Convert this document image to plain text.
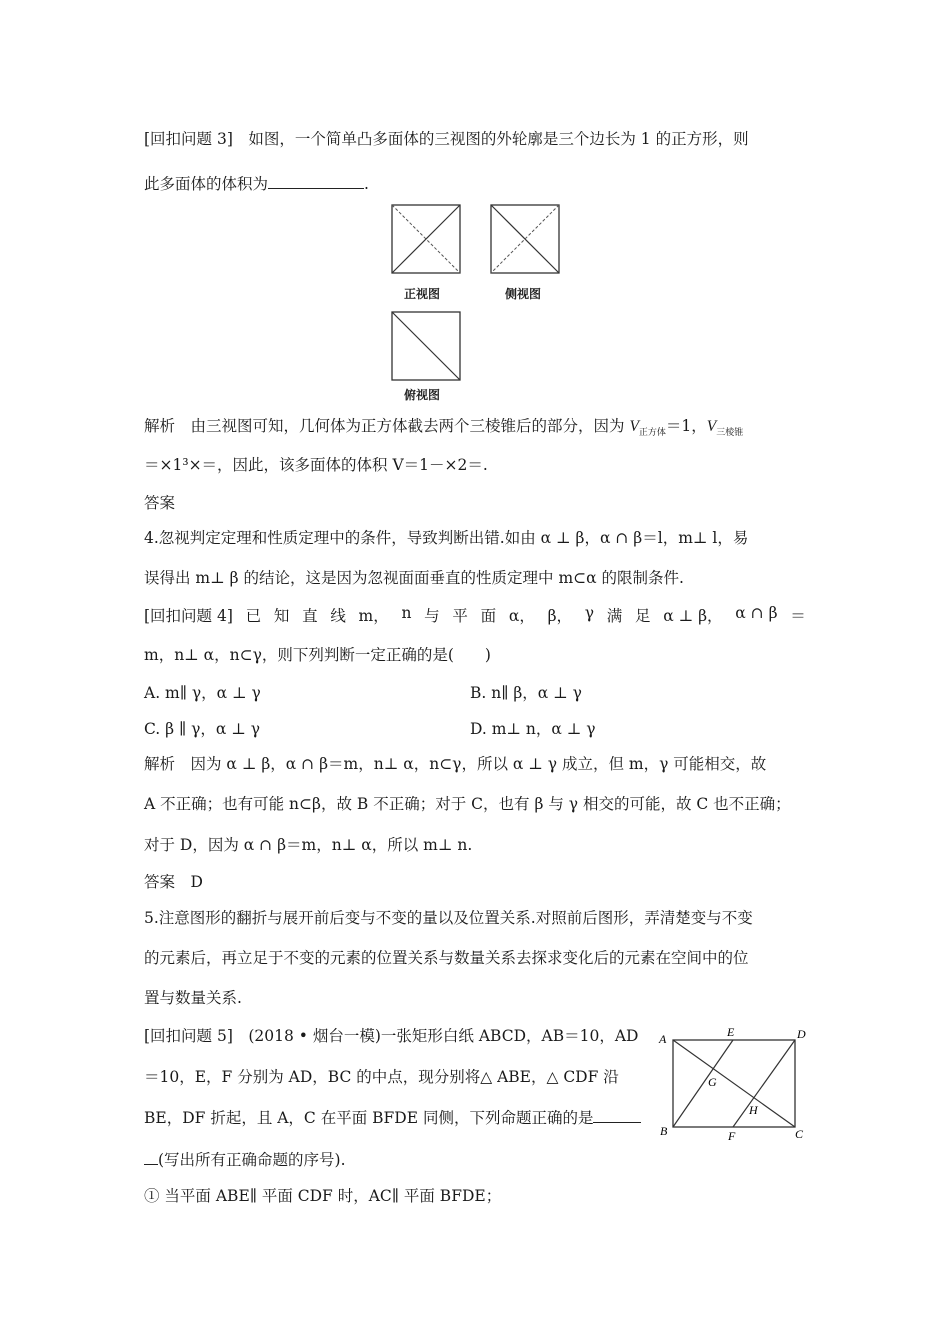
[回扣问题 3]　如图，一个简单凸多面体的三视图的外轮廓是三个边长为 1 的正方形，则
此多面体的体积为	.
正视图	侧视图
俯视图
解析　由三视图可知，几何体为正方体截去两个三棱锥后的部分，因为 $V_{正方体}=1$，$V_{三棱锥}$
＝×1³×＝，因此，该多面体的体积 V＝1－×2＝.
答案
4.忽视判定定理和性质定理中的条件，导致判断出错.如由 α ⊥ β，α ∩ β＝l，m⊥ l，易
误得出 m⊥ β 的结论，这是因为忽视面面垂直的性质定理中 m⊂α 的限制条件.
[回扣问题 4] 已 知 直 线 m， n 与 平 面 α， β， γ 满 足 α ⊥ β， α ∩ β ＝
m，n⊥ α，n⊂γ，则下列判断一定正确的是(　　)
A. m∥ γ，α ⊥ γ	B. n∥ β，α ⊥ γ
C. β ∥ γ，α ⊥ γ	D. m⊥ n，α ⊥ γ
解析　因为 α ⊥ β，α ∩ β＝m，n⊥ α，n⊂γ，所以 α ⊥ γ 成立，但 m，γ 可能相交，故
A 不正确；也有可能 n⊂β，故 B 不正确；对于 C，也有 β 与 γ 相交的可能，故 C 也不正确；
对于 D，因为 α ∩ β＝m，n⊥ α，所以 m⊥ n.
答案　D
5.注意图形的翻折与展开前后变与不变的量以及位置关系.对照前后图形，弄清楚变与不变
的元素后，再立足于不变的元素的位置关系与数量关系去探求变化后的元素在空间中的位
置与数量关系.
[回扣问题 5]　(2018 • 烟台一模)一张矩形白纸 ABCD，AB＝10，AD
＝10，E，F 分别为 AD，BC 的中点，现分别将△ ABE，△ CDF 沿
BE，DF 折起，且 A，C 在平面 BFDE 同侧，下列命题正确的是
(写出所有正确命题的序号).
① 当平面 ABE∥ 平面 CDF 时，AC∥ 平面 BFDE；
A	E	D
G
H
B	F	C
